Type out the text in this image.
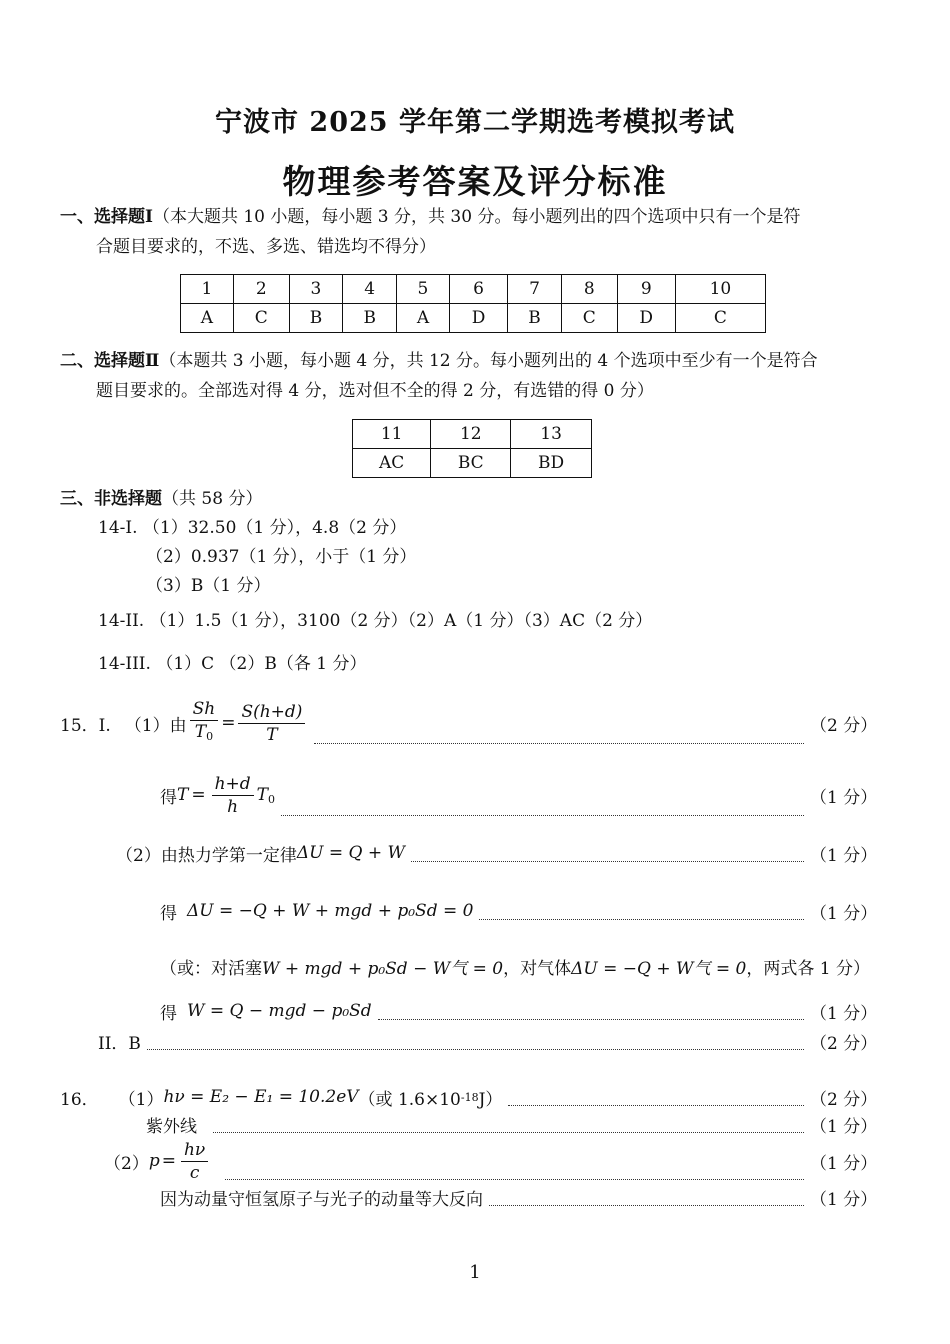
宁波市 2025 学年第二学期选考模拟考试
物理参考答案及评分标准
一、选择题Ⅰ（本大题共 10 小题，每小题 3 分，共 30 分。每小题列出的四个选项中只有一个是符
合题目要求的，不选、多选、错选均不得分）
1	2	3	4	5	6	7	8	9	10
A	C	B	B	A	D	B	C	D	C
二、选择题Ⅱ（本题共 3 小题，每小题 4 分，共 12 分。每小题列出的 4 个选项中至少有一个是符合
题目要求的。全部选对得 4 分，选对但不全的得 2 分，有选错的得 0 分）
11	12	13
AC	BC	BD
三、非选择题（共 58 分）
14-I. （1）32.50（1 分），4.8（2 分）
（2）0.937（1 分），小于（1 分）
（3）B（1 分）
14-II. （1）1.5（1 分），3100（2 分）（2）A（1 分）（3）AC（2 分）
14-III. （1）C （2）B（各 1 分）
15．I. （1）由 $\frac{Sh}{T_0} = \frac{S(h+d)}{T}$	（2 分）
得 $T = \frac{h+d}{h} T_0$	（1 分）
（2）由热力学第一定律 ΔU = Q + W	（1 分）
得 ΔU = −Q + W + mgd + p₀Sd = 0	（1 分）
（或：对活塞W + mgd + p₀Sd − W气 = 0，对气体ΔU = −Q + W气 = 0，两式各 1 分）
得 W = Q − mgd − p₀Sd	（1 分）
II．B	（2 分）
16． （1） hν = E₂ − E₁ = 10.2eV （或 1.6×10 -18 J）	（2 分）
紫外线	（1 分）
（2） $p = \frac{h\nu}{c}$	（1 分）
因为动量守恒氢原子与光子的动量等大反向	（1 分）
1
